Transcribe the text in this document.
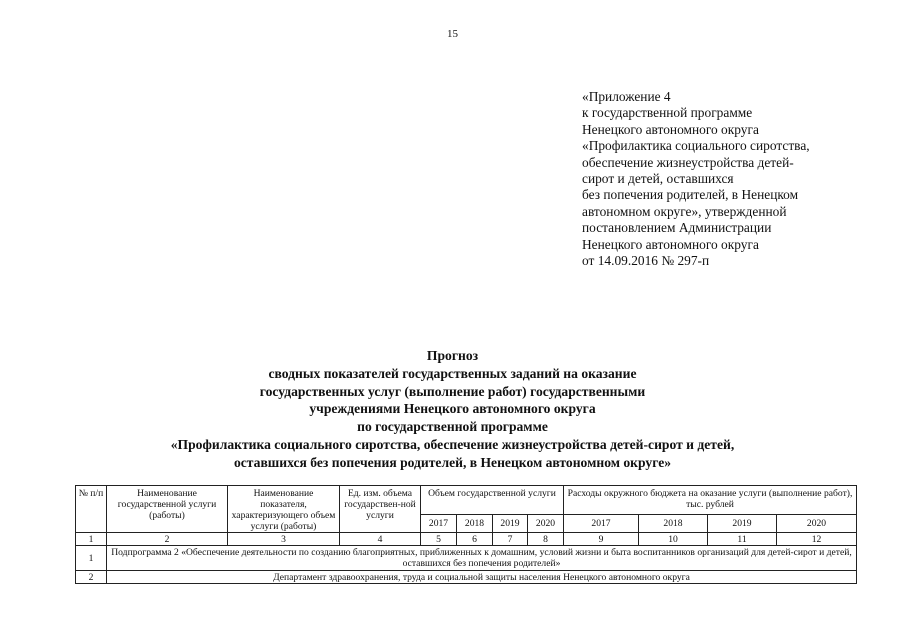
15
«Приложение 4
к государственной программе
Ненецкого автономного округа
«Профилактика социального сиротства,
обеспечение жизнеустройства детей-
сирот и детей, оставшихся
без попечения родителей, в Ненецком
автономном округе», утвержденной
постановлением Администрации
Ненецкого автономного округа
от 14.09.2016 № 297-п
Прогноз
сводных показателей государственных заданий на оказание
государственных услуг (выполнение работ) государственными
учреждениями Ненецкого автономного округа
по государственной программе
«Профилактика социального сиротства, обеспечение жизнеустройства детей-сирот и детей,
оставшихся без попечения родителей, в Ненецком автономном округе»
№ п/п	Наименование государственной услуги (работы)	Наименование показателя, характеризующего объем услуги (работы)	Ед. изм. объема государствен-ной услуги	Объем государственной услуги				Расходы окружного бюджета на оказание услуги (выполнение работ), тыс. рублей			
				2017	2018	2019	2020	2017	2018	2019	2020
1	2	3	4	5	6	7	8	9	10	11	12
1	Подпрограмма 2 «Обеспечение деятельности по созданию благоприятных, приближенных к домашним, условий жизни и быта воспитанников организаций для детей-сирот и детей, оставшихся без попечения родителей»										
2	Департамент здравоохранения, труда и социальной защиты населения Ненецкого автономного округа										
